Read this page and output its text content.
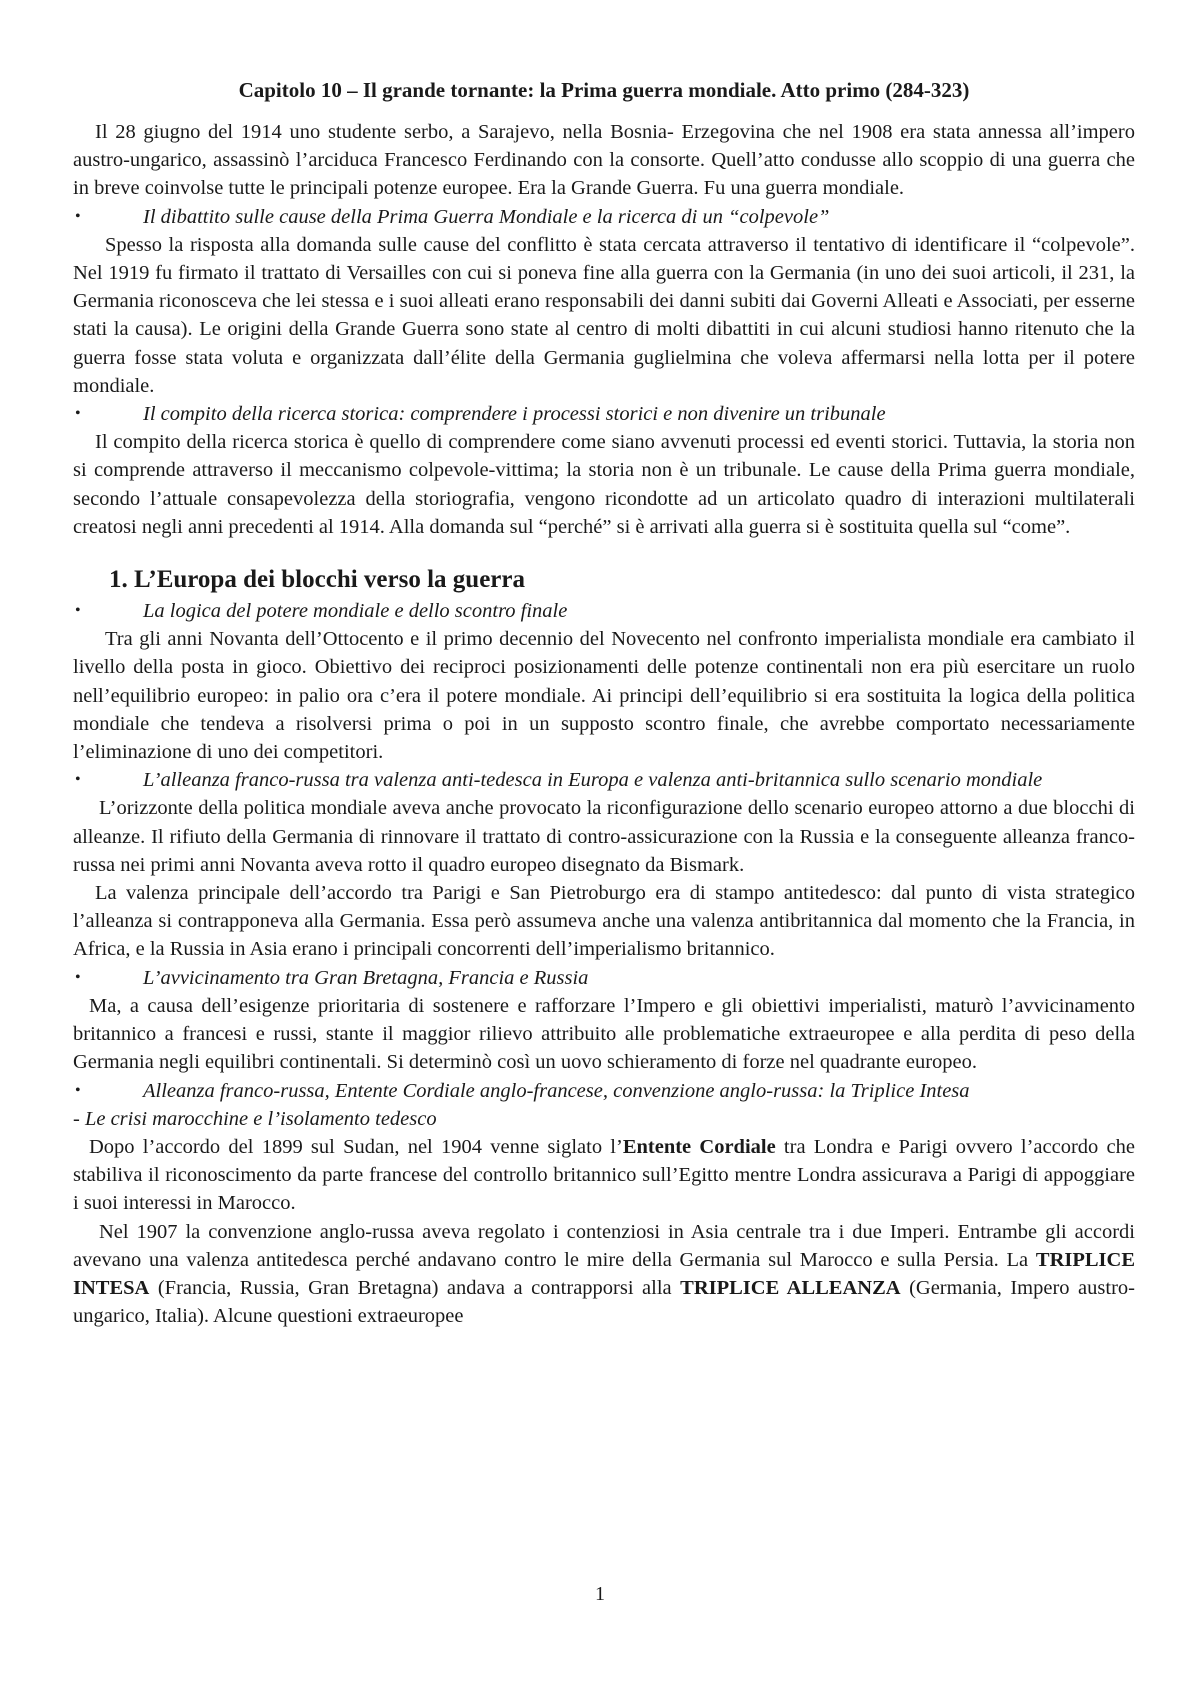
Capitolo 10 – Il grande tornante: la Prima guerra mondiale. Atto primo (284-323)

Il 28 giugno del 1914 uno studente serbo, a Sarajevo, nella Bosnia- Erzegovina che nel 1908 era stata annessa all’impero austro-ungarico, assassinò l’arciduca Francesco Ferdinando con la consorte. Quell’atto condusse allo scoppio di una guerra che in breve coinvolse tutte le principali potenze europee. Era la Grande Guerra. Fu una guerra mondiale.

•	Il dibattito sulle cause della Prima Guerra Mondiale e la ricerca di un “colpevole”

Spesso la risposta alla domanda sulle cause del conflitto è stata cercata attraverso il tentativo di identificare il “colpevole”. Nel 1919 fu firmato il trattato di Versailles con cui si poneva fine alla guerra con la Germania (in uno dei suoi articoli, il 231, la Germania riconosceva che lei stessa e i suoi alleati erano responsabili dei danni subiti dai Governi Alleati e Associati, per esserne stati la causa). Le origini della Grande Guerra sono state al centro di molti dibattiti in cui alcuni studiosi hanno ritenuto che la guerra fosse stata voluta e organizzata dall’élite della Germania guglielmina che voleva affermarsi nella lotta per il potere mondiale.

•	Il compito della ricerca storica: comprendere i processi storici e non divenire un tribunale

Il compito della ricerca storica è quello di comprendere come siano avvenuti processi ed eventi storici. Tuttavia, la storia non si comprende attraverso il meccanismo colpevole-vittima; la storia non è un tribunale. Le cause della Prima guerra mondiale, secondo l’attuale consapevolezza della storiografia, vengono ricondotte ad un articolato quadro di interazioni multilaterali creatosi negli anni precedenti al 1914. Alla domanda sul “perché” si è arrivati alla guerra si è sostituita quella sul “come”.

1. L’Europa dei blocchi verso la guerra
•	La logica del potere mondiale e dello scontro finale

Tra gli anni Novanta dell’Ottocento e il primo decennio del Novecento nel confronto imperialista mondiale era cambiato il livello della posta in gioco. Obiettivo dei reciproci posizionamenti delle potenze continentali non era più esercitare un ruolo nell’equilibrio europeo: in palio ora c’era il potere mondiale. Ai principi dell’equilibrio si era sostituita la logica della politica mondiale che tendeva a risolversi prima o poi in un supposto scontro finale, che avrebbe comportato necessariamente l’eliminazione di uno dei competitori.

•	L’alleanza franco-russa tra valenza anti-tedesca in Europa e valenza anti-britannica sullo scenario mondiale

L’orizzonte della politica mondiale aveva anche provocato la riconfigurazione dello scenario europeo attorno a due blocchi di alleanze. Il rifiuto della Germania di rinnovare il trattato di contro-assicurazione con la Russia e la conseguente alleanza franco-russa nei primi anni Novanta aveva rotto il quadro europeo disegnato da Bismark.

La valenza principale dell’accordo tra Parigi e San Pietroburgo era di stampo antitedesco: dal punto di vista strategico l’alleanza si contrapponeva alla Germania. Essa però assumeva anche una valenza antibritannica dal momento che la Francia, in Africa, e la Russia in Asia erano i principali concorrenti dell’imperialismo britannico.

•	L’avvicinamento tra Gran Bretagna, Francia e Russia

Ma, a causa dell’esigenze prioritaria di sostenere e rafforzare l’Impero e gli obiettivi imperialisti, maturò l’avvicinamento britannico a francesi e russi, stante il maggior rilievo attribuito alle problematiche extraeuropee e alla perdita di peso della Germania negli equilibri continentali. Si determinò così un uovo schieramento di forze nel quadrante europeo.

•	Alleanza franco-russa, Entente Cordiale anglo-francese, convenzione anglo-russa: la Triplice Intesa
- Le crisi marocchine e l’isolamento tedesco

Dopo l’accordo del 1899 sul Sudan, nel 1904 venne siglato l’Entente Cordiale tra Londra e Parigi ovvero l’accordo che stabiliva il riconoscimento da parte francese del controllo britannico sull’Egitto mentre Londra assicurava a Parigi di appoggiare i suoi interessi in Marocco.

Nel 1907 la convenzione anglo-russa aveva regolato i contenziosi in Asia centrale tra i due Imperi. Entrambe gli accordi avevano una valenza antitedesca perché andavano contro le mire della Germania sul Marocco e sulla Persia. La TRIPLICE INTESA (Francia, Russia, Gran Bretagna) andava a contrapporsi alla TRIPLICE ALLEANZA (Germania, Impero austro-ungarico, Italia). Alcune questioni extraeuropee

1
